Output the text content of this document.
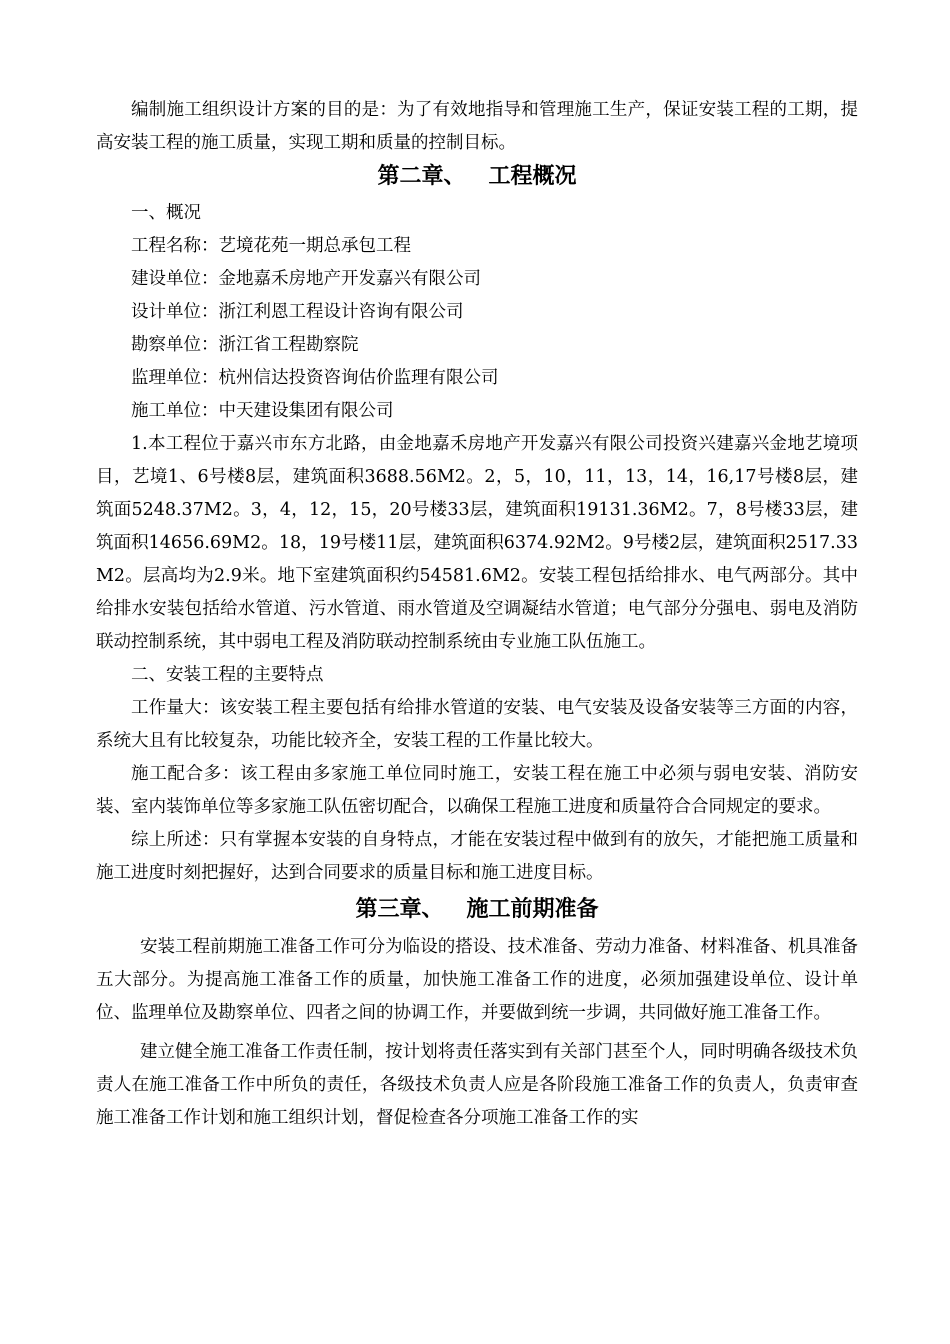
编制施工组织设计方案的目的是：为了有效地指导和管理施工生产，保证安装工程的工期，提高安装工程的施工质量，实现工期和质量的控制目标。

第二章、   工程概况

一、概况

工程名称：艺境花苑一期总承包工程

建设单位：金地嘉禾房地产开发嘉兴有限公司

设计单位：浙江利恩工程设计咨询有限公司

勘察单位：浙江省工程勘察院

监理单位：杭州信达投资咨询估价监理有限公司

施工单位：中天建设集团有限公司

1.本工程位于嘉兴市东方北路，由金地嘉禾房地产开发嘉兴有限公司投资兴建嘉兴金地艺境项目，艺境1、6号楼8层，建筑面积3688.56M2。2，5，10，11，13，14，16,17号楼8层，建筑面5248.37M2。3，4，12，15，20号楼33层，建筑面积19131.36M2。7，8号楼33层，建筑面积14656.69M2。18，19号楼11层，建筑面积6374.92M2。9号楼2层，建筑面积2517.33M2。层高均为2.9米。地下室建筑面积约54581.6M2。安装工程包括给排水、电气两部分。其中给排水安装包括给水管道、污水管道、雨水管道及空调凝结水管道；电气部分分强电、弱电及消防联动控制系统，其中弱电工程及消防联动控制系统由专业施工队伍施工。

二、安装工程的主要特点

工作量大：该安装工程主要包括有给排水管道的安装、电气安装及设备安装等三方面的内容，系统大且有比较复杂，功能比较齐全，安装工程的工作量比较大。

施工配合多：该工程由多家施工单位同时施工，安装工程在施工中必须与弱电安装、消防安装、室内装饰单位等多家施工队伍密切配合，以确保工程施工进度和质量符合合同规定的要求。

综上所述：只有掌握本安装的自身特点，才能在安装过程中做到有的放矢，才能把施工质量和施工进度时刻把握好，达到合同要求的质量目标和施工进度目标。

第三章、   施工前期准备

安装工程前期施工准备工作可分为临设的搭设、技术准备、劳动力准备、材料准备、机具准备五大部分。为提高施工准备工作的质量，加快施工准备工作的进度，必须加强建设单位、设计单位、监理单位及勘察单位、四者之间的协调工作，并要做到统一步调，共同做好施工准备工作。

建立健全施工准备工作责任制，按计划将责任落实到有关部门甚至个人，同时明确各级技术负责人在施工准备工作中所负的责任，各级技术负责人应是各阶段施工准备工作的负责人，负责审查施工准备工作计划和施工组织计划，督促检查各分项施工准备工作的实
